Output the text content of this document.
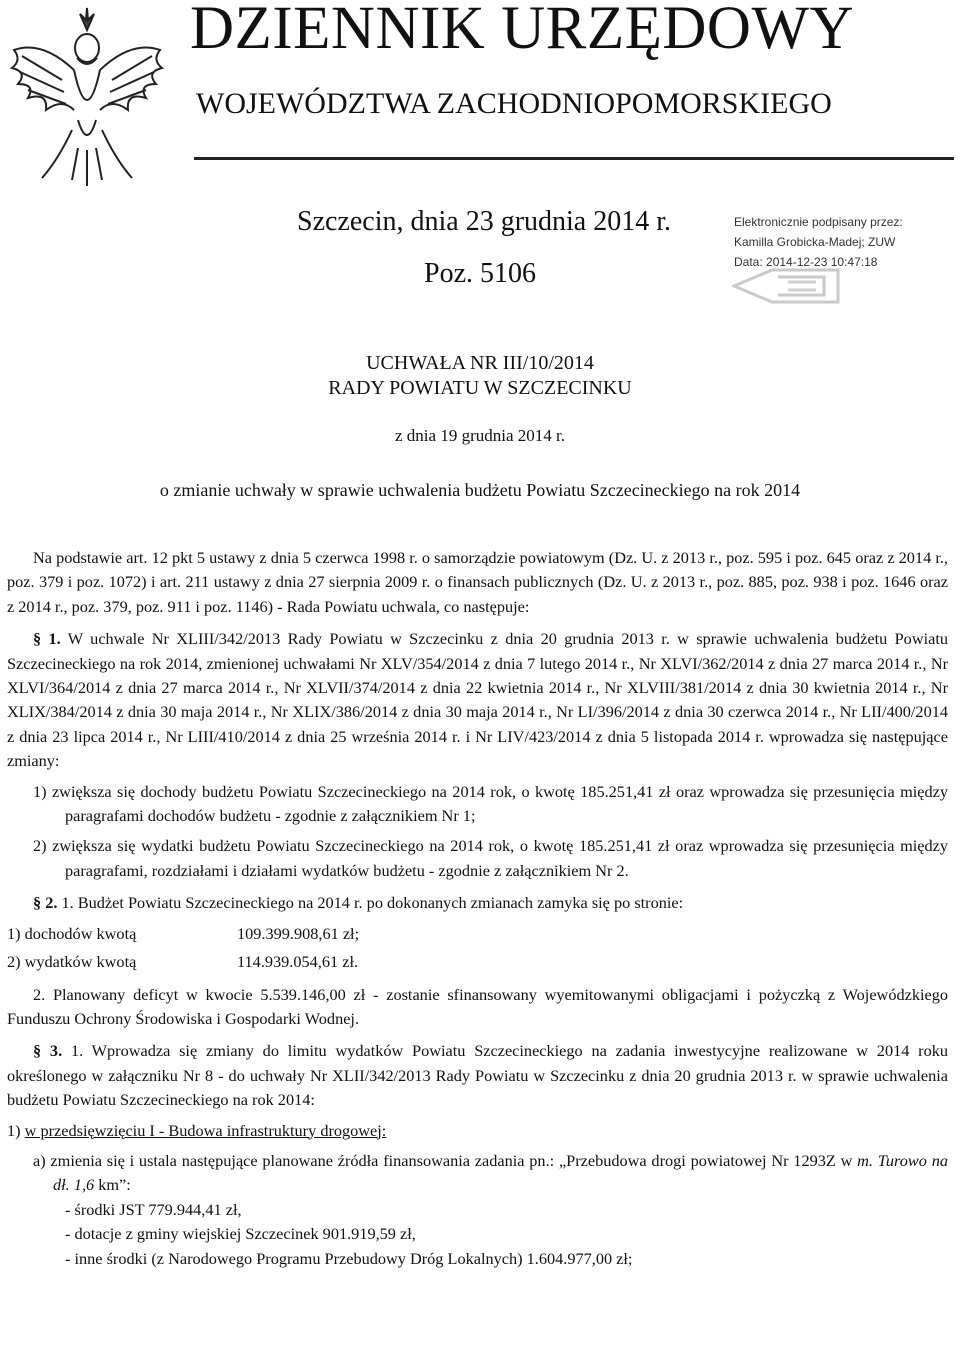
DZIENNIK URZĘDOWY
WOJEWÓDZTWA ZACHODNIOPOMORSKIEGO
Szczecin, dnia 23 grudnia 2014 r.
Poz. 5106
Elektronicznie podpisany przez:
Kamilla Grobicka-Madej; ZUW
Data: 2014-12-23 10:47:18
UCHWAŁA NR III/10/2014
RADY POWIATU W SZCZECINKU
z dnia 19 grudnia 2014 r.
o zmianie uchwały w sprawie uchwalenia budżetu Powiatu Szczecineckiego na rok 2014

Na podstawie art. 12 pkt 5 ustawy z dnia 5 czerwca 1998 r. o samorządzie powiatowym (Dz. U. z 2013 r., poz. 595 i poz. 645 oraz z 2014 r., poz. 379 i poz. 1072) i art. 211 ustawy z dnia 27 sierpnia 2009 r. o finansach publicznych (Dz. U. z 2013 r., poz. 885, poz. 938 i poz. 1646 oraz z 2014 r., poz. 379, poz. 911 i poz. 1146) - Rada Powiatu uchwala, co następuje:

§ 1. W uchwale Nr XLIII/342/2013 Rady Powiatu w Szczecinku z dnia 20 grudnia 2013 r. w sprawie uchwalenia budżetu Powiatu Szczecineckiego na rok 2014, zmienionej uchwałami Nr XLV/354/2014 z dnia 7 lutego 2014 r., Nr XLVI/362/2014 z dnia 27 marca 2014 r., Nr XLVI/364/2014 z dnia 27 marca 2014 r., Nr XLVII/374/2014 z dnia 22 kwietnia 2014 r., Nr XLVIII/381/2014 z dnia 30 kwietnia 2014 r., Nr XLIX/384/2014 z dnia 30 maja 2014 r., Nr XLIX/386/2014 z dnia 30 maja 2014 r., Nr LI/396/2014 z dnia 30 czerwca 2014 r., Nr LII/400/2014 z dnia 23 lipca 2014 r., Nr LIII/410/2014 z dnia 25 września 2014 r. i Nr LIV/423/2014 z dnia 5 listopada 2014 r. wprowadza się następujące zmiany:

1) zwiększa się dochody budżetu Powiatu Szczecineckiego na 2014 rok, o kwotę 185.251,41 zł oraz wprowadza się przesunięcia między paragrafami dochodów budżetu - zgodnie z załącznikiem Nr 1;

2) zwiększa się wydatki budżetu Powiatu Szczecineckiego na 2014 rok, o kwotę 185.251,41 zł oraz wprowadza się przesunięcia między paragrafami, rozdziałami i działami wydatków budżetu - zgodnie z załącznikiem Nr 2.

§ 2. 1. Budżet Powiatu Szczecineckiego na 2014 r. po dokonanych zmianach zamyka się po stronie:

1) dochodów kwotą	109.399.908,61 zł;
2) wydatków kwotą	114.939.054,61 zł.

2. Planowany deficyt w kwocie 5.539.146,00 zł - zostanie sfinansowany wyemitowanymi obligacjami i pożyczką z Wojewódzkiego Funduszu Ochrony Środowiska i Gospodarki Wodnej.

§ 3. 1. Wprowadza się zmiany do limitu wydatków Powiatu Szczecineckiego na zadania inwestycyjne realizowane w 2014 roku określonego w załączniku Nr 8 - do uchwały Nr XLII/342/2013 Rady Powiatu w Szczecinku z dnia 20 grudnia 2013 r. w sprawie uchwalenia budżetu Powiatu Szczecineckiego na rok 2014:

1) w przedsięwzięciu I - Budowa infrastruktury drogowej:

a) zmienia się i ustala następujące planowane źródła finansowania zadania pn.: „Przebudowa drogi powiatowej Nr 1293Z w m. Turowo na dł. 1,6 km”:

- środki JST 779.944,41 zł,

- dotacje z gminy wiejskiej Szczecinek 901.919,59 zł,

- inne środki (z Narodowego Programu Przebudowy Dróg Lokalnych) 1.604.977,00 zł;
